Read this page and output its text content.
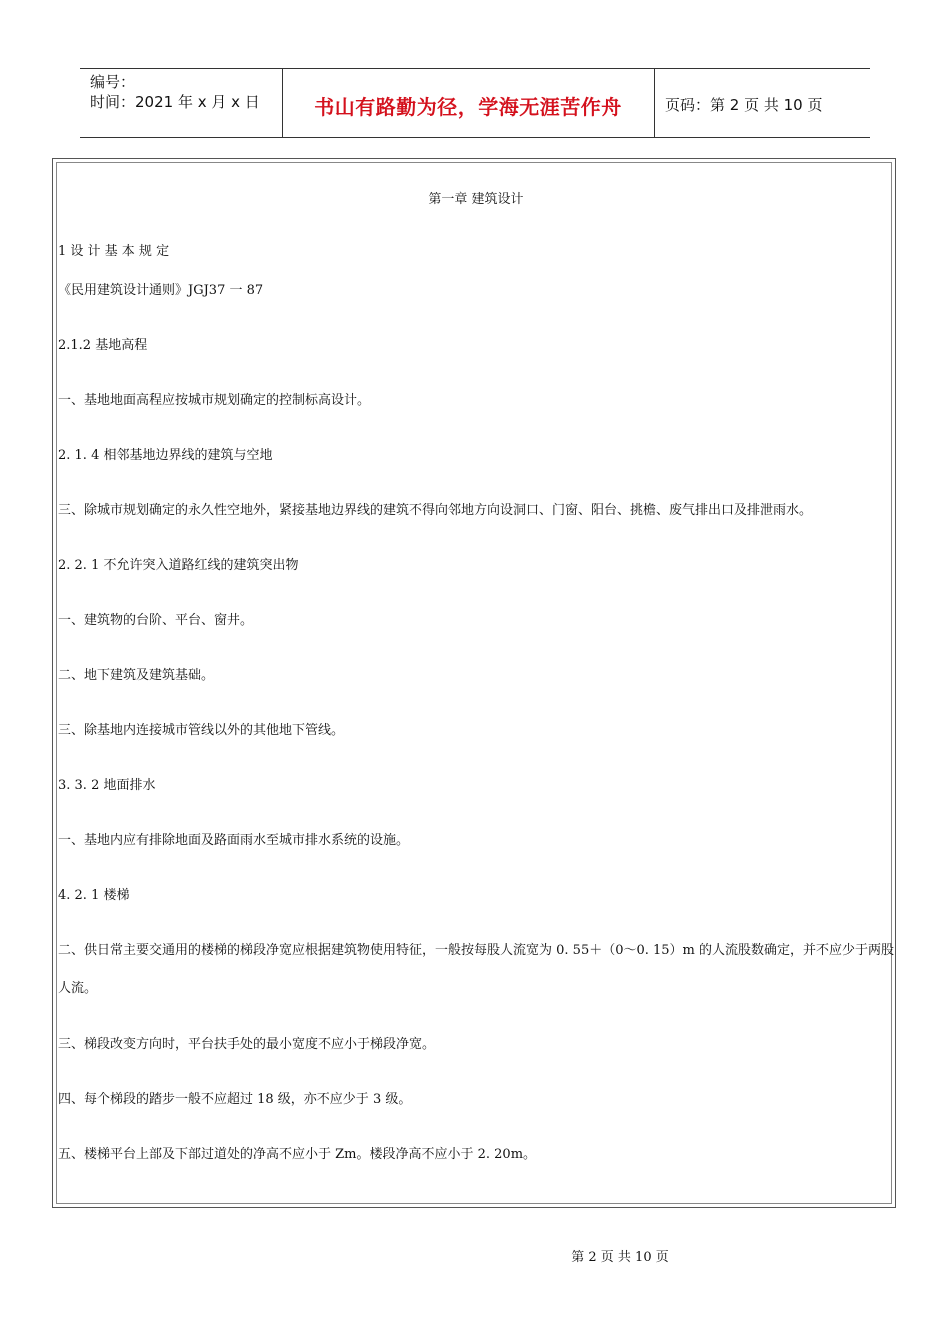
编号：
时间：2021 年 x 月 x 日	书山有路勤为径，学海无涯苦作舟	页码：第 2 页 共 10 页
第一章 建筑设计
1 设 计 基 本 规 定
《民用建筑设计通则》JGJ37 一 87
2.1.2 基地高程
一、基地地面高程应按城市规划确定的控制标高设计。
2. 1. 4 相邻基地边界线的建筑与空地
三、除城市规划确定的永久性空地外，紧接基地边界线的建筑不得向邻地方向设洞口、门窗、阳台、挑檐、废气排出口及排泄雨水。
2. 2. 1 不允许突入道路红线的建筑突出物
一、建筑物的台阶、平台、窗井。
二、地下建筑及建筑基础。
三、除基地内连接城市管线以外的其他地下管线。
3. 3. 2 地面排水
一、基地内应有排除地面及路面雨水至城市排水系统的设施。
4. 2. 1 楼梯
二、供日常主要交通用的楼梯的梯段净宽应根据建筑物使用特征，一般按每股人流宽为 0. 55＋（0～0. 15）m 的人流股数确定，并不应少于两股人流。
三、梯段改变方向时，平台扶手处的最小宽度不应小于梯段净宽。
四、每个梯段的踏步一般不应超过 18 级，亦不应少于 3 级。
五、楼梯平台上部及下部过道处的净高不应小于 Zm。楼段净高不应小于 2. 20m。
第 2 页 共 10 页
